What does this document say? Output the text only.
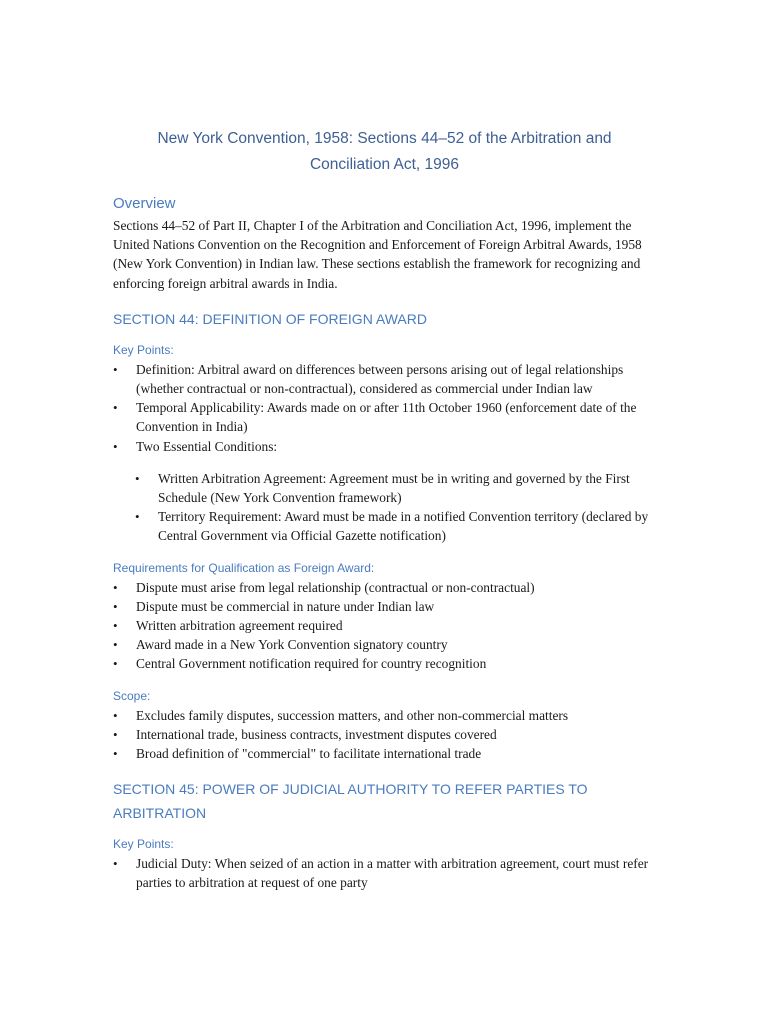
New York Convention, 1958: Sections 44–52 of the Arbitration and
Conciliation Act, 1996
Overview

Sections 44–52 of Part II, Chapter I of the Arbitration and Conciliation Act, 1996, implement the United Nations Convention on the Recognition and Enforcement of Foreign Arbitral Awards, 1958 (New York Convention) in Indian law. These sections establish the framework for recognizing and enforcing foreign arbitral awards in India.

SECTION 44: DEFINITION OF FOREIGN AWARD
Key Points:
• Definition: Arbitral award on differences between persons arising out of legal relationships (whether contractual or non-contractual), considered as commercial under Indian law
• Temporal Applicability: Awards made on or after 11th October 1960 (enforcement date of the Convention in India)
• Two Essential Conditions:
• Written Arbitration Agreement: Agreement must be in writing and governed by the First Schedule (New York Convention framework)
• Territory Requirement: Award must be made in a notified Convention territory (declared by Central Government via Official Gazette notification)
Requirements for Qualification as Foreign Award:
• Dispute must arise from legal relationship (contractual or non-contractual)
• Dispute must be commercial in nature under Indian law
• Written arbitration agreement required
• Award made in a New York Convention signatory country
• Central Government notification required for country recognition
Scope:
• Excludes family disputes, succession matters, and other non-commercial matters
• International trade, business contracts, investment disputes covered
• Broad definition of "commercial" to facilitate international trade
SECTION 45: POWER OF JUDICIAL AUTHORITY TO REFER PARTIES TO ARBITRATION
Key Points:
• Judicial Duty: When seized of an action in a matter with arbitration agreement, court must refer parties to arbitration at request of one party
